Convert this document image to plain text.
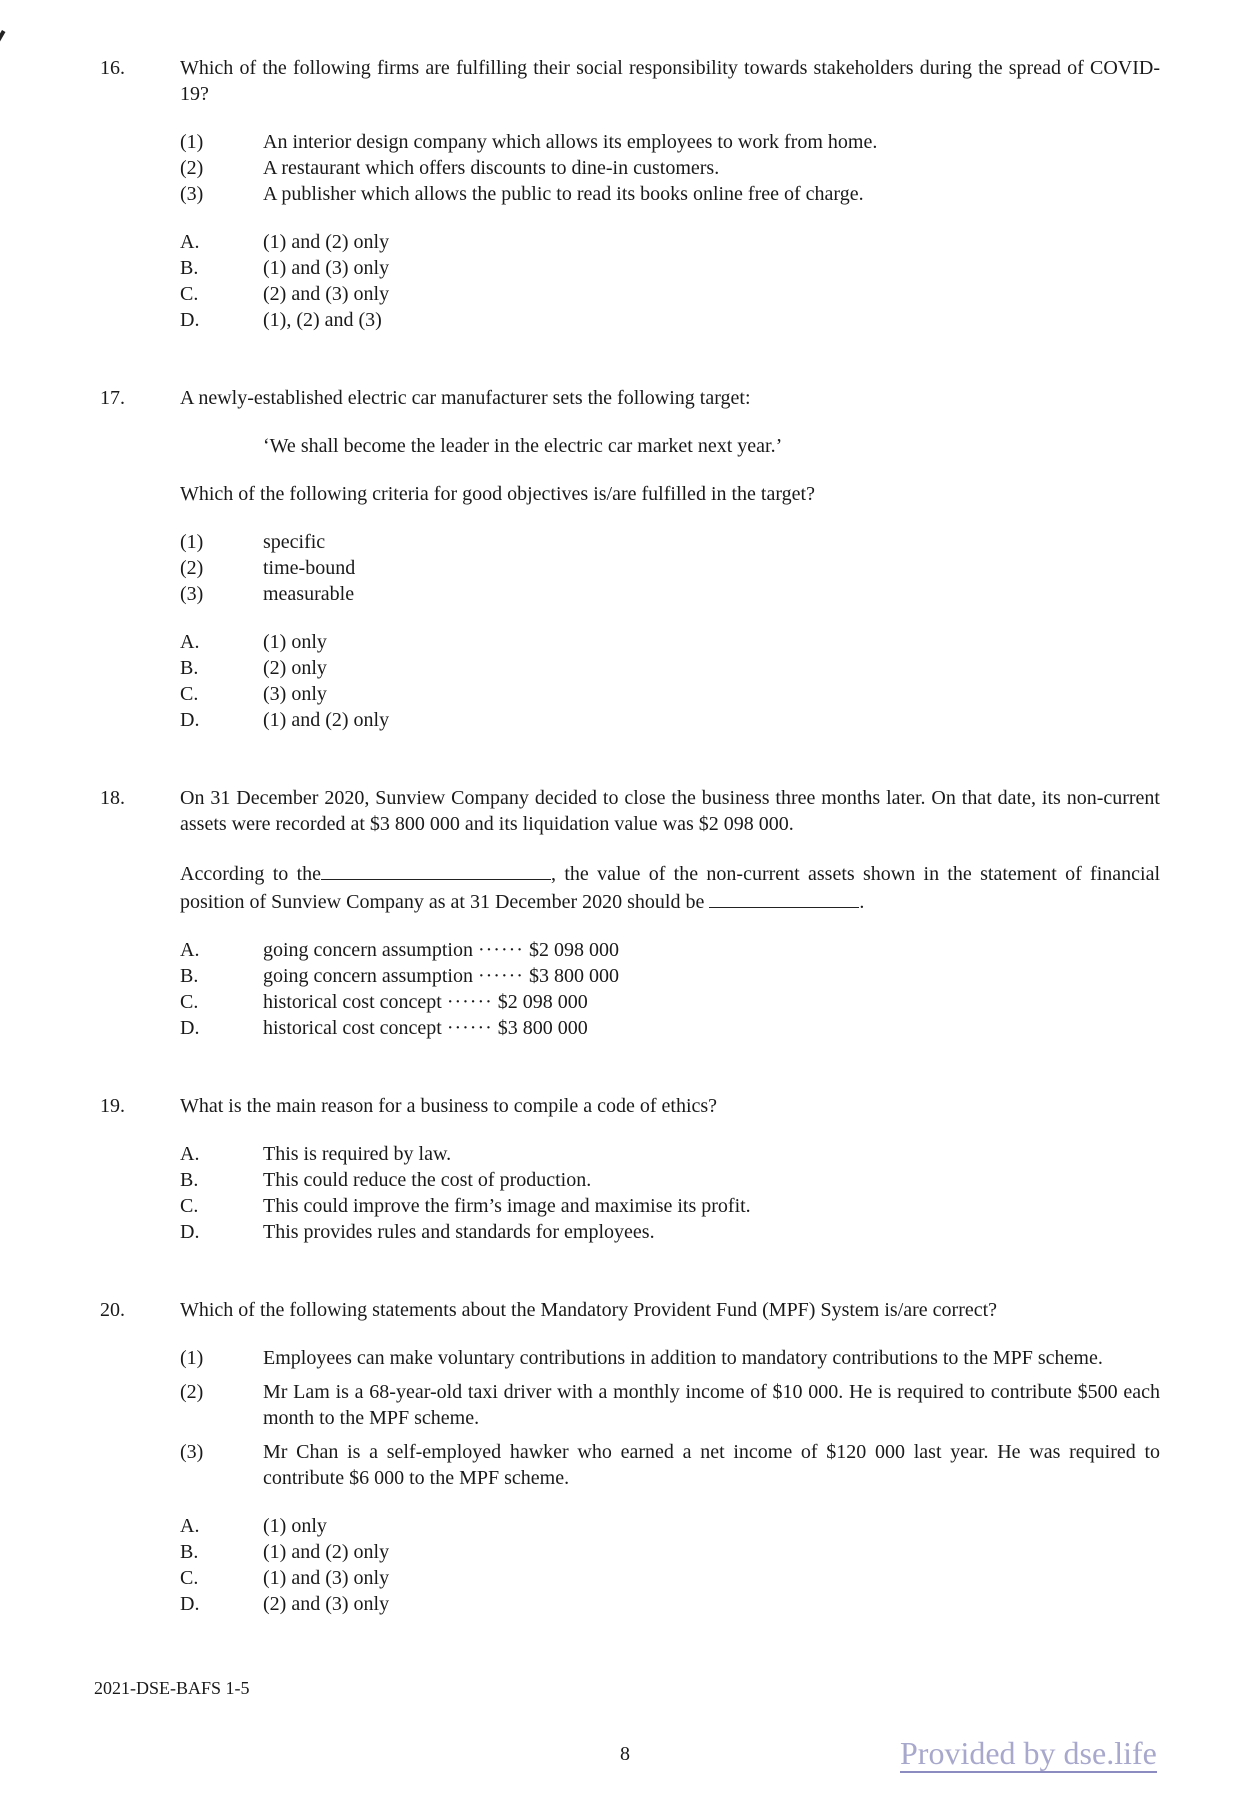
16.	Which of the following firms are fulfilling their social responsibility towards stakeholders during the spread of COVID-19?

(1)	An interior design company which allows its employees to work from home.
(2)	A restaurant which offers discounts to dine-in customers.
(3)	A publisher which allows the public to read its books online free of charge.
A.	(1) and (2) only
B.	(1) and (3) only
C.	(2) and (3) only
D.	(1), (2) and (3)
17.	A newly-established electric car manufacturer sets the following target:

‘We shall become the leader in the electric car market next year.’

Which of the following criteria for good objectives is/are fulfilled in the target?

(1)	specific
(2)	time-bound
(3)	measurable
A.	(1) only
B.	(2) only
C.	(3) only
D.	(1) and (2) only
18.	On 31 December 2020, Sunview Company decided to close the business three months later. On that date, its non-current assets were recorded at $3 800 000 and its liquidation value was $2 098 000.

According to the	, the value of the non-current assets shown in the statement of financial position of Sunview Company as at 31 December 2020 should be	.

A.	going concern assumption ······ $2 098 000
B.	going concern assumption ······ $3 800 000
C.	historical cost concept ······ $2 098 000
D.	historical cost concept ······ $3 800 000
19.	What is the main reason for a business to compile a code of ethics?

A.	This is required by law.
B.	This could reduce the cost of production.
C.	This could improve the firm’s image and maximise its profit.
D.	This provides rules and standards for employees.
20.	Which of the following statements about the Mandatory Provident Fund (MPF) System is/are correct?

(1)	Employees can make voluntary contributions in addition to mandatory contributions to the MPF scheme.
(2)	Mr Lam is a 68-year-old taxi driver with a monthly income of $10 000. He is required to contribute $500 each month to the MPF scheme.
(3)	Mr Chan is a self-employed hawker who earned a net income of $120 000 last year. He was required to contribute $6 000 to the MPF scheme.
A.	(1) only
B.	(1) and (2) only
C.	(1) and (3) only
D.	(2) and (3) only
2021-DSE-BAFS 1-5
8	Provided by dse.life
